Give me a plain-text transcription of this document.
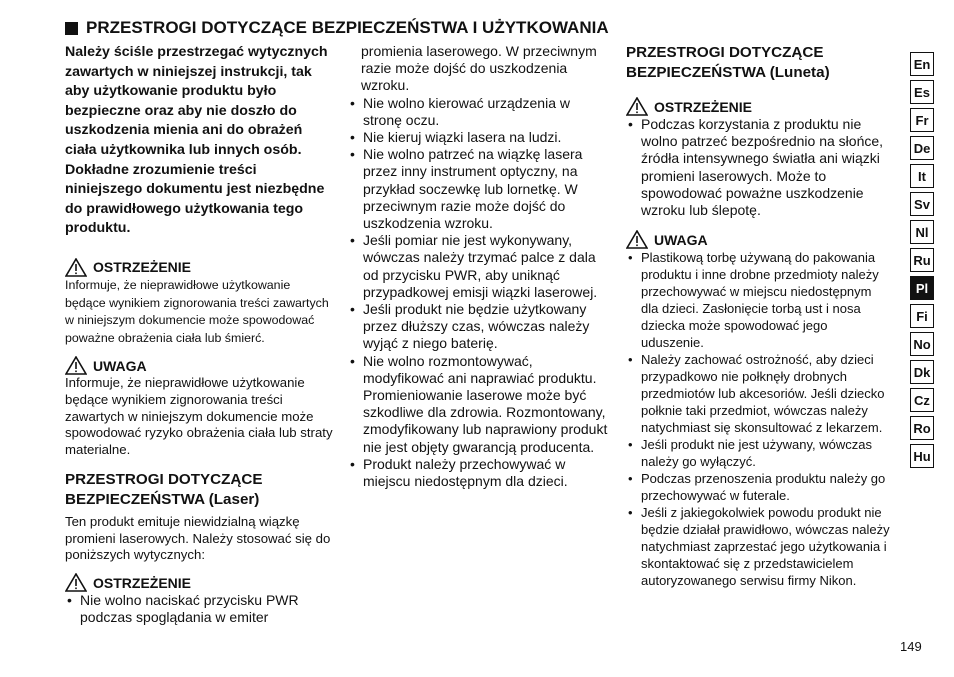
PRZESTROGI DOTYCZĄCE BEZPIECZEŃSTWA I UŻYTKOWANIA

Należy ściśle przestrzegać wytycznych zawartych w niniejszej instrukcji, tak aby użytkowanie produktu było bezpieczne oraz aby nie doszło do uszkodzenia mienia ani do obrażeń ciała użytkownika lub innych osób. Dokładne zrozumienie treści niniejszego dokumentu jest niezbędne do prawidłowego użytkowania tego produktu.

OSTRZEŻENIE

Informuje, że nieprawidłowe użytkowanie będące wynikiem zignorowania treści zawartych w niniejszym dokumencie może spowodować poważne obrażenia ciała lub śmierć.

UWAGA

Informuje, że nieprawidłowe użytkowanie będące wynikiem zignorowania treści zawartych w niniejszym dokumencie może spowodować ryzyko obrażenia ciała lub straty materialne.

PRZESTROGI DOTYCZĄCE BEZPIECZEŃSTWA (Laser)

Ten produkt emituje niewidzialną wiązkę promieni laserowych. Należy stosować się do poniższych wytycznych:

OSTRZEŻENIE
• Nie wolno naciskać przycisku PWR podczas spoglądania w emiter

promienia laserowego. W przeciwnym razie może dojść do uszkodzenia wzroku.

• Nie wolno kierować urządzenia w stronę oczu.
• Nie kieruj wiązki lasera na ludzi.
• Nie wolno patrzeć na wiązkę lasera przez inny instrument optyczny, na przykład soczewkę lub lornetkę. W przeciwnym razie może dojść do uszkodzenia wzroku.
• Jeśli pomiar nie jest wykonywany, wówczas należy trzymać palce z dala od przycisku PWR, aby uniknąć przypadkowej emisji wiązki laserowej.
• Jeśli produkt nie będzie użytkowany przez dłuższy czas, wówczas należy wyjąć z niego baterię.
• Nie wolno rozmontowywać, modyfikować ani naprawiać produktu. Promieniowanie laserowe może być szkodliwe dla zdrowia. Rozmontowany, zmodyfikowany lub naprawiony produkt nie jest objęty gwarancją producenta.
• Produkt należy przechowywać w miejscu niedostępnym dla dzieci.

PRZESTROGI DOTYCZĄCE BEZPIECZEŃSTWA (Luneta)

OSTRZEŻENIE
• Podczas korzystania z produktu nie wolno patrzeć bezpośrednio na słońce, źródła intensywnego światła ani wiązki promieni laserowych. Może to spowodować poważne uszkodzenie wzroku lub ślepotę.
UWAGA
• Plastikową torbę używaną do pakowania produktu i inne drobne przedmioty należy przechowywać w miejscu niedostępnym dla dzieci. Zasłonięcie torbą ust i nosa dziecka może spowodować jego uduszenie.
• Należy zachować ostrożność, aby dzieci przypadkowo nie połknęły drobnych przedmiotów lub akcesoriów. Jeśli dziecko połknie taki przedmiot, wówczas należy natychmiast się skonsultować z lekarzem.
• Jeśli produkt nie jest używany, wówczas należy go wyłączyć.
• Podczas przenoszenia produktu należy go przechowywać w futerale.
• Jeśli z jakiegokolwiek powodu produkt nie będzie działał prawidłowo, wówczas należy natychmiast zaprzestać jego użytkowania i skontaktować się z przedstawicielem autoryzowanego serwisu firmy Nikon.
En
Es
Fr
De
It
Sv
Nl
Ru
Pl
Fi
No
Dk
Cz
Ro
Hu
149
